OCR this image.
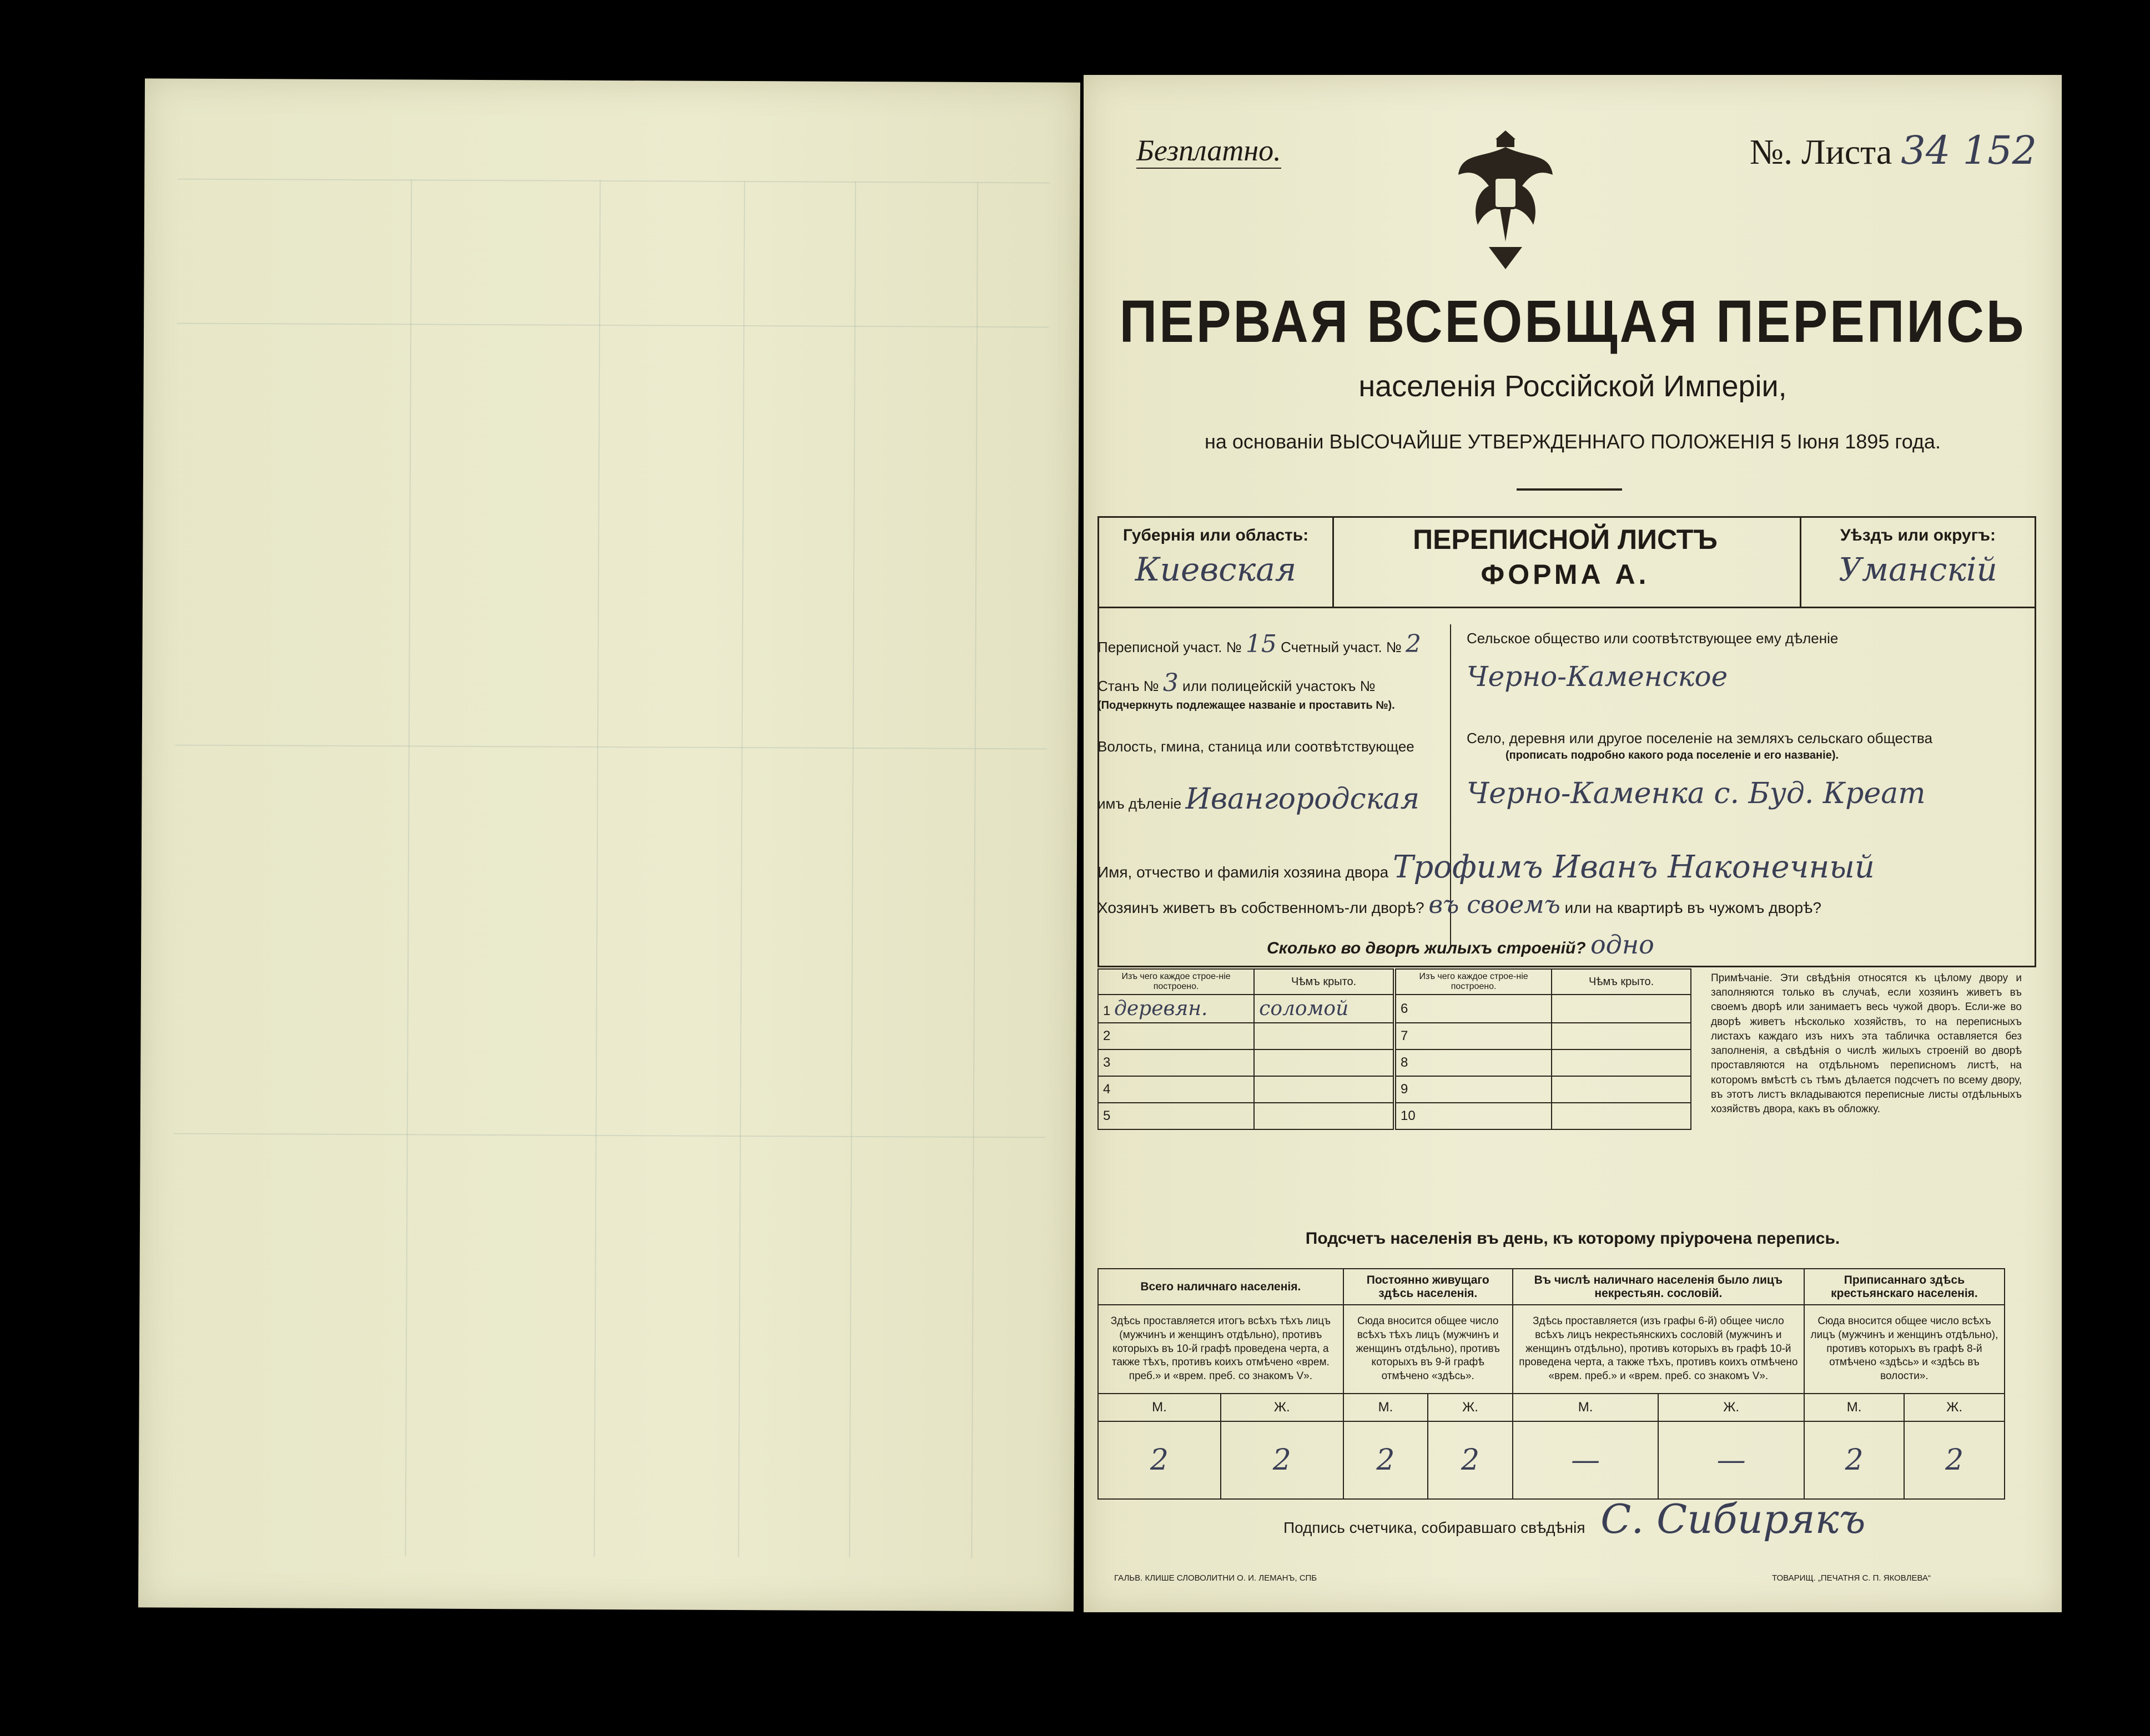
Безплатно.	№. Листа 34 152
ПЕРВАЯ ВСЕОБЩАЯ ПЕРЕПИСЬ
населенія Россійской Имперіи,
на основаніи ВЫСОЧАЙШЕ УТВЕРЖДЕННАГО ПОЛОЖЕНІЯ 5 Іюня 1895 года.
Губернія или область:
Киевская
ПЕРЕПИСНОЙ ЛИСТЪ
ФОРМА А.
Уѣздъ или округъ:
Уманскій
Переписной участ. № 15 Счетный участ. № 2
Станъ № 3 или полицейскій участокъ №
(Подчеркнуть подлежащее названіе и проставить №).
Волость, гмина, станица или соотвѣтствующее
имъ дѣленіе Ивангородская
Сельское общество или соотвѣтствующее ему дѣленіе
Черно-Каменское
Село, деревня или другое поселеніе на земляхъ сельскаго общества
(прописать подробно какого рода поселеніе и его названіе).
Черно-Каменка с. Буд. Креат
Имя, отчество и фамилія хозяина двора Трофимъ Иванъ Наконечный
Хозяинъ живетъ въ собственномъ-ли дворѣ? въ своемъ или на квартирѣ въ чужомъ дворѣ?
Сколько во дворѣ жилыхъ строеній? одно
Изъ чего каждое строе-ніе построено.	Чѣмъ крыто.	Изъ чего каждое строе-ніе построено.	Чѣмъ крыто.
1 деревян.	соломой	6	
2		7	
3		8	
4		9	
5		10	
Примѣчаніе. Эти свѣдѣнія относятся къ цѣлому двору и заполняются только въ случаѣ, если хозяинъ живетъ въ своемъ дворѣ или занимаетъ весь чужой дворъ. Если-же во дворѣ живетъ нѣсколько хозяйствъ, то на переписныхъ листахъ каждаго изъ нихъ эта табличка оставляется без заполненія, а свѣдѣнія о числѣ жилыхъ строеній во дворѣ проставляются на отдѣльномъ переписномъ листѣ, на которомъ вмѣстѣ съ тѣмъ дѣлается подсчетъ по всему двору, въ этотъ листъ вкладываются переписные листы отдѣльныхъ хозяйствъ двора, какъ въ обложку.
Подсчетъ населенія въ день, къ которому пріурочена перепись.
Всего наличнаго населенія.		Постоянно живущаго здѣсь населенія.		Въ числѣ наличнаго населенія было лицъ некрестьян. сословій.		Приписаннаго здѣсь крестьянскаго населенія.	
Здѣсь проставляется итогъ всѣхъ тѣхъ лицъ (мужчинъ и женщинъ отдѣльно), противъ которыхъ въ 10-й графѣ проведена черта, а также тѣхъ, противъ коихъ отмѣчено «врем. преб.» и «врем. преб. со знакомъ V».		Сюда вносится общее число всѣхъ тѣхъ лицъ (мужчинъ и женщинъ отдѣльно), противъ которыхъ въ 9-й графѣ отмѣчено «здѣсь».		Здѣсь проставляется (изъ графы 6-й) общее число всѣхъ лицъ некрестьянскихъ сословій (мужчинъ и женщинъ отдѣльно), противъ которыхъ въ графѣ 10-й проведена черта, а также тѣхъ, противъ коихъ отмѣчено «врем. преб.» и «врем. преб. со знакомъ V».		Сюда вносится общее число всѣхъ лицъ (мужчинъ и женщинъ отдѣльно), противъ которыхъ въ графѣ 8-й отмѣчено «здѣсь» и «здѣсь въ волости».	
М.	Ж.	М.	Ж.	М.	Ж.	М.	Ж.
2	2	2	2	—	—	2	2
Подпись счетчика, собиравшаго свѣдѣнія С. Сибирякъ
ГАЛЬВ. КЛИШЕ СЛОВОЛИТНИ О. И. ЛЕМАНЪ, СПБ	ТОВАРИЩ. „ПЕЧАТНЯ С. П. ЯКОВЛЕВА“
